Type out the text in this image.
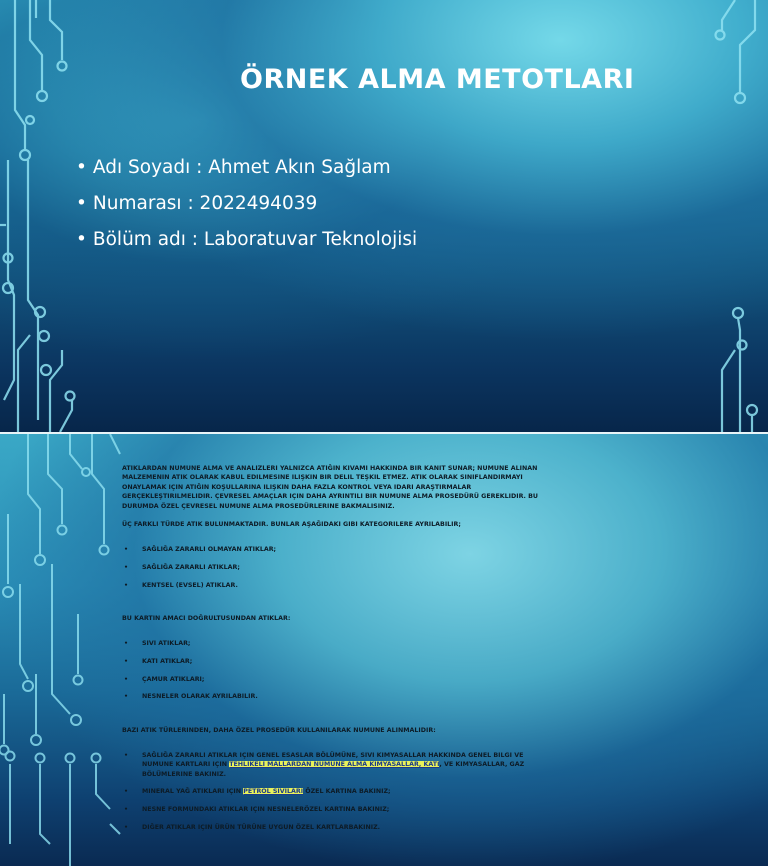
ÖRNEK ALMA METOTLARI
• Adı Soyadı : Ahmet Akın Sağlam
• Numarası : 2022494039
• Bölüm adı : Laboratuvar Teknolojisi

ATIKLARDAN NUMUNE ALMA VE ANALIZLERI YALNIZCA ATIĞIN KIVAMI HAKKINDA BIR KANIT SUNAR; NUMUNE ALINAN MALZEMENIN ATIK OLARAK KABUL EDILMESINE ILIŞKIN BIR DELIL TEŞKIL ETMEZ. ATIK OLARAK SINIFLANDIRMAYI ONAYLAMAK IÇIN ATIĞIN KOŞULLARINA ILIŞKIN DAHA FAZLA KONTROL VEYA IDARI ARAŞTIRMALAR GERÇEKLEŞTIRILMELIDIR. ÇEVRESEL AMAÇLAR IÇIN DAHA AYRINTILI BIR NUMUNE ALMA PROSEDÜRÜ GEREKLIDIR. BU DURUMDA ÖZEL ÇEVRESEL NUMUNE ALMA PROSEDÜRLERINE BAKMALISINIZ.

ÜÇ FARKLI TÜRDE ATIK BULUNMAKTADIR. BUNLAR AŞAĞIDAKI GIBI KATEGORILERE AYRILABILIR;

• SAĞLIĞA ZARARLI OLMAYAN ATIKLAR;
• SAĞLIĞA ZARARLI ATIKLAR;
• KENTSEL (EVSEL) ATIKLAR.

BU KARTIN AMACI DOĞRULTUSUNDAN ATIKLAR:

• SIVI ATIKLAR;
• KATI ATIKLAR;
• ÇAMUR ATIKLARI;
• NESNELER OLARAK AYRILABILIR.

BAZI ATIK TÜRLERINDEN, DAHA ÖZEL PROSEDÜR KULLANILARAK NUMUNE ALINMALIDIR:

• SAĞLIĞA ZARARLI ATIKLAR IÇIN GENEL ESASLAR BÖLÜMÜNE, SIVI KIMYASALLAR HAKKINDA GENEL BILGI VE NUMUNE KARTLARI IÇIN TEHLIKELI MALLARDAN NUMUNE ALMA KIMYASALLAR, KATI, VE KIMYASALLAR, GAZ BÖLÜMLERINE BAKINIZ.
• MINERAL YAĞ ATIKLARI IÇIN PETROL SIVILARI ÖZEL KARTINA BAKINIZ;
• NESNE FORMUNDAKI ATIKLAR IÇIN NESNELERÖZEL KARTINA BAKINIZ;
• DIĞER ATIKLAR IÇIN ÜRÜN TÜRÜNE UYGUN ÖZEL KARTLARBAKINIZ.
